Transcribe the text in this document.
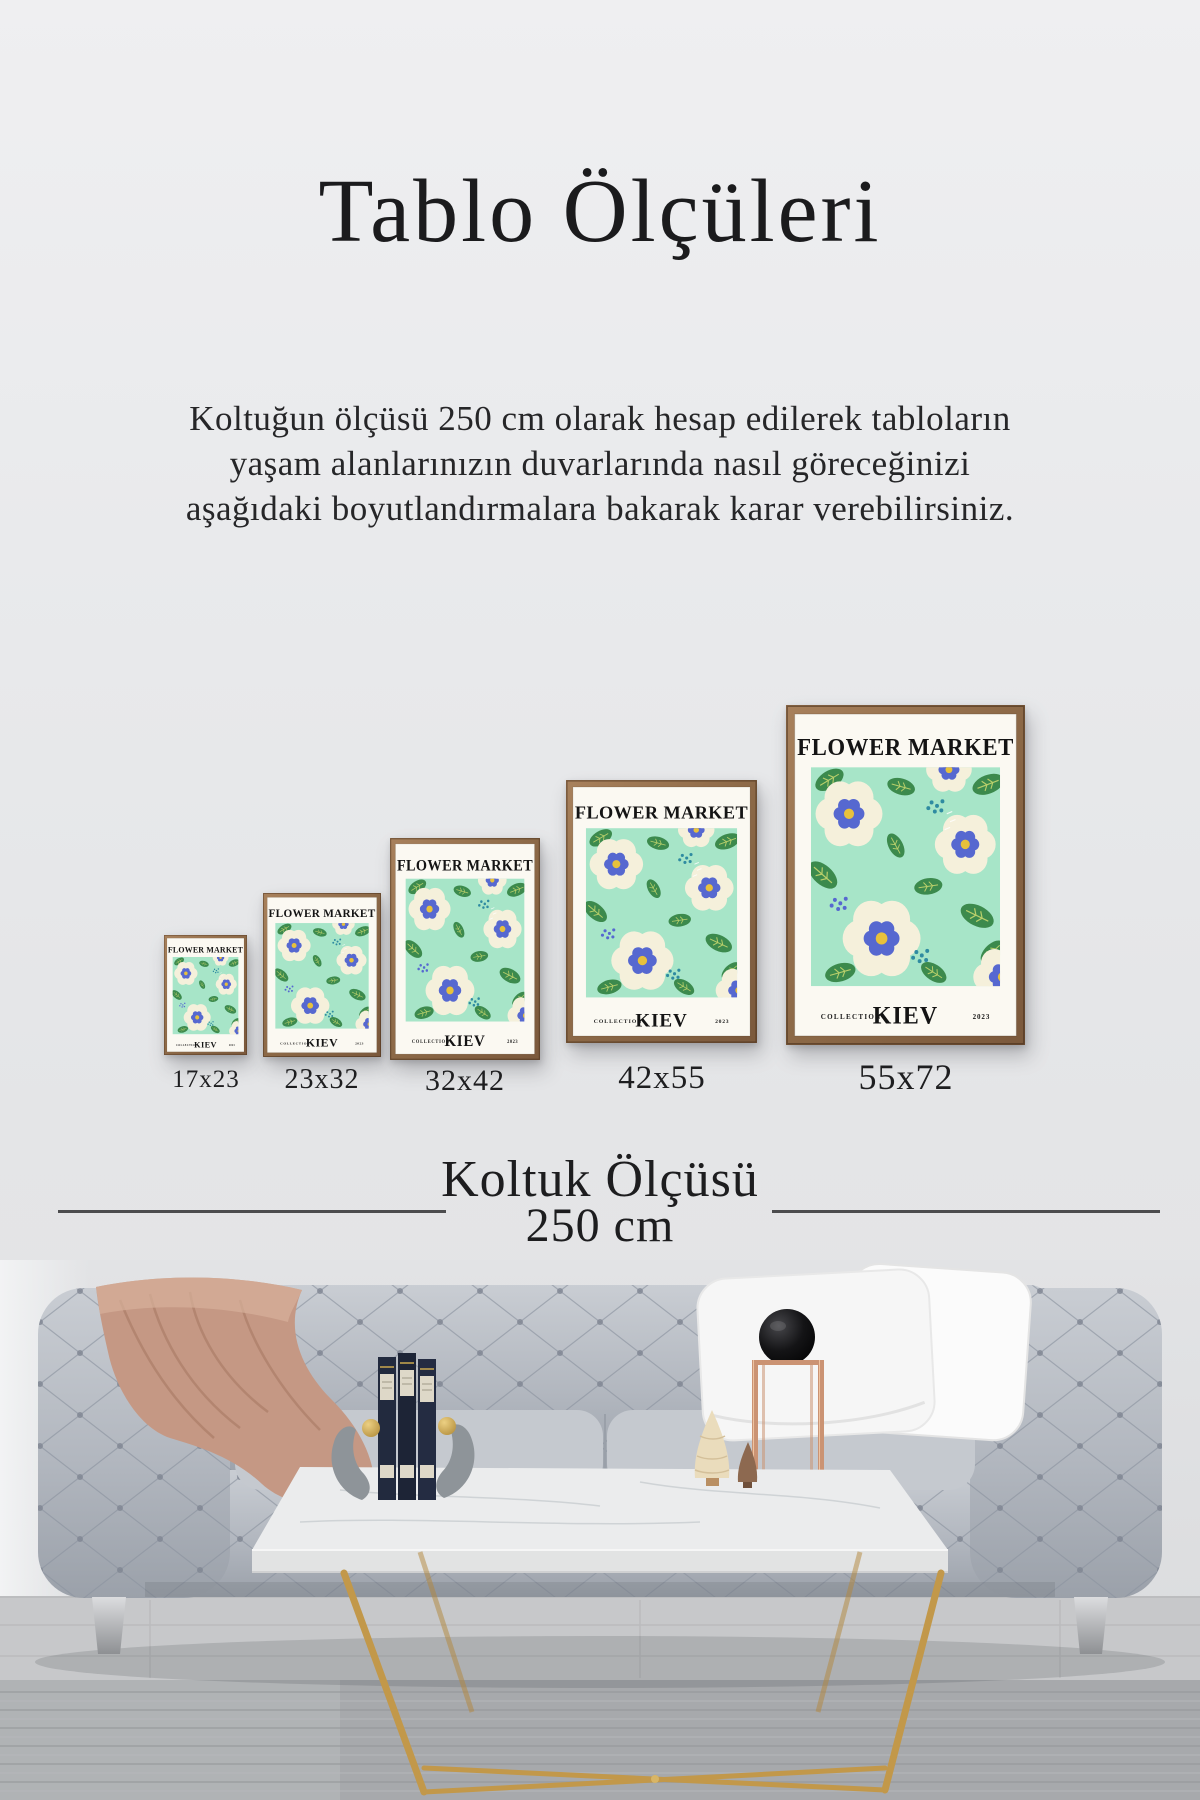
Tablo Ölçüleri
Koltuğun ölçüsü 250 cm olarak hesap edilerek tabloların
yaşam alanlarınızın duvarlarında nasıl göreceğinizi
aşağıdaki boyutlandırmalara bakarak karar verebilirsiniz.
17x23	23x32	32x42	42x55	55x72
Koltuk Ölçüsü
250 cm
